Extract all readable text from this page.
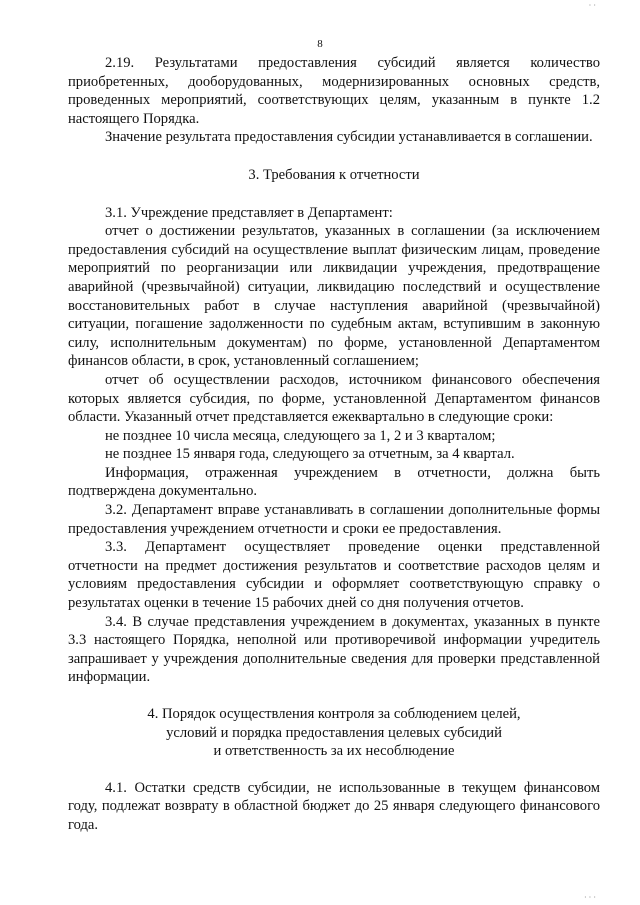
· ·
8

2.19. Результатами предоставления субсидий является количество приобретенных, дооборудованных, модернизированных основных средств, проведенных мероприятий, соответствующих целям, указанным в пункте 1.2 настоящего Порядка.

Значение результата предоставления субсидии устанавливается в соглашении.

3. Требования к отчетности

3.1. Учреждение представляет в Департамент:

отчет о достижении результатов, указанных в соглашении (за исключением предоставления субсидий на осуществление выплат физическим лицам, проведение мероприятий по реорганизации или ликвидации учреждения, предотвращение аварийной (чрезвычайной) ситуации, ликвидацию последствий и осуществление восстановительных работ в случае наступления аварийной (чрезвычайной) ситуации, погашение задолженности по судебным актам, вступившим в законную силу, исполнительным документам) по форме, установленной Департаментом финансов области, в срок, установленный соглашением;

отчет об осуществлении расходов, источником финансового обеспечения которых является субсидия, по форме, установленной Департаментом финансов области. Указанный отчет представляется ежеквартально в следующие сроки:

не позднее 10 числа месяца, следующего за 1, 2 и 3 кварталом;

не позднее 15 января года, следующего за отчетным, за 4 квартал.

Информация, отраженная учреждением в отчетности, должна быть подтверждена документально.

3.2. Департамент вправе устанавливать в соглашении дополнительные формы предоставления учреждением отчетности и сроки ее предоставления.

3.3. Департамент осуществляет проведение оценки представленной отчетности на предмет достижения результатов и соответствие расходов целям и условиям предоставления субсидии и оформляет соответствующую справку о результатах оценки в течение 15 рабочих дней со дня получения отчетов.

3.4. В случае представления учреждением в документах, указанных в пункте 3.3 настоящего Порядка, неполной или противоречивой информации учредитель запрашивает у учреждения дополнительные сведения для проверки представленной информации.

4. Порядок осуществления контроля за соблюдением целей,

условий и порядка предоставления целевых субсидий

и ответственность за их несоблюдение

4.1. Остатки средств субсидии, не использованные в текущем финансовом году, подлежат возврату в областной бюджет до 25 января следующего финансового года.

· · ·
